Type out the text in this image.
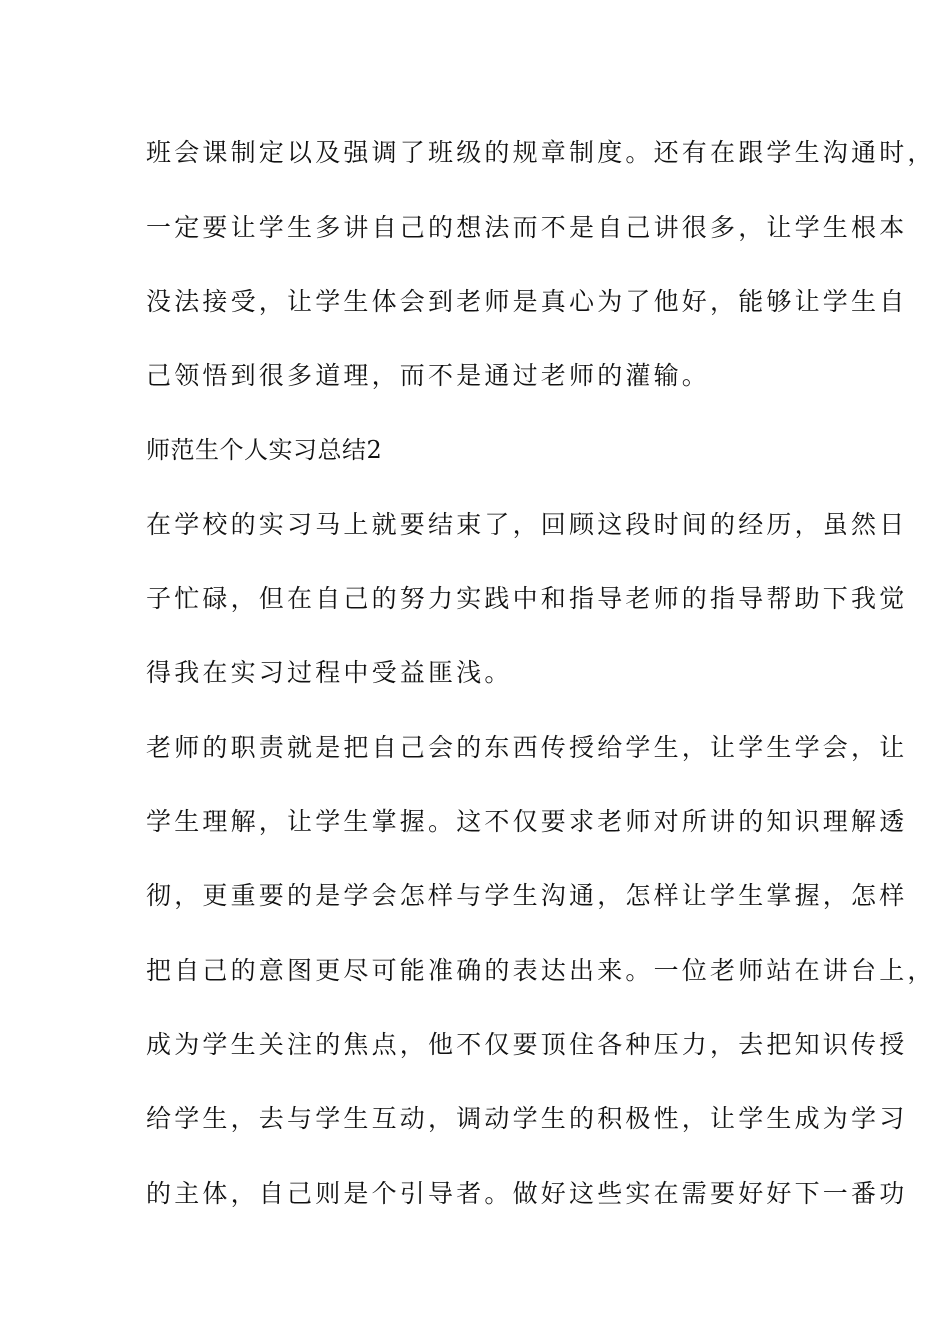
班会课制定以及强调了班级的规章制度。还有在跟学生沟通时，
一定要让学生多讲自己的想法而不是自己讲很多，让学生根本
没法接受，让学生体会到老师是真心为了他好，能够让学生自
己领悟到很多道理，而不是通过老师的灌输。
师范生个人实习总结2
在学校的实习马上就要结束了，回顾这段时间的经历，虽然日
子忙碌，但在自己的努力实践中和指导老师的指导帮助下我觉
得我在实习过程中受益匪浅。
老师的职责就是把自己会的东西传授给学生，让学生学会，让
学生理解，让学生掌握。这不仅要求老师对所讲的知识理解透
彻，更重要的是学会怎样与学生沟通，怎样让学生掌握，怎样
把自己的意图更尽可能准确的表达出来。一位老师站在讲台上，
成为学生关注的焦点，他不仅要顶住各种压力，去把知识传授
给学生，去与学生互动，调动学生的积极性，让学生成为学习
的主体，自己则是个引导者。做好这些实在需要好好下一番功
